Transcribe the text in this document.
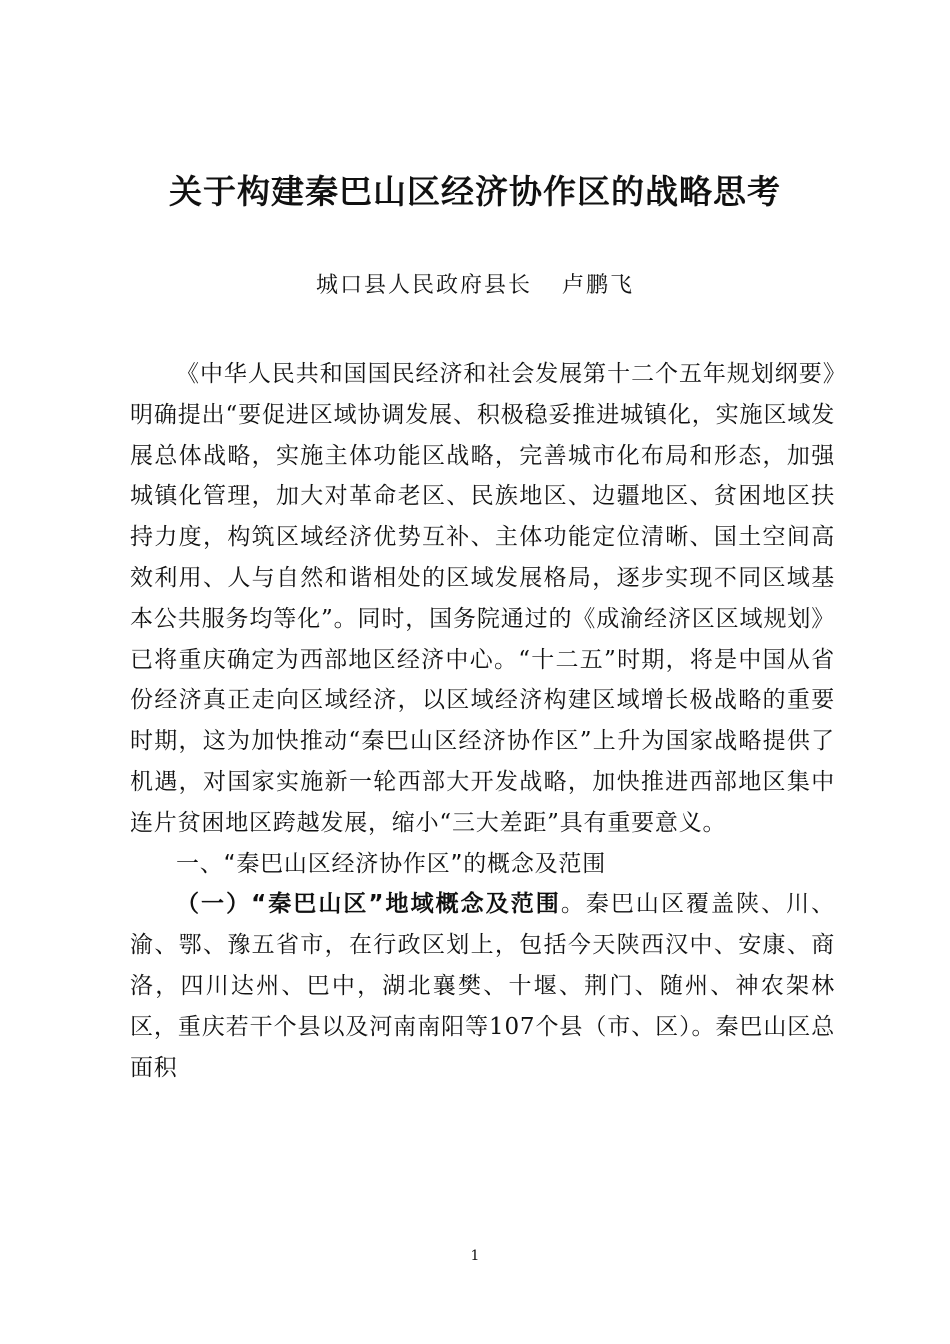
关于构建秦巴山区经济协作区的战略思考
城口县人民政府县长 卢鹏飞

《中华人民共和国国民经济和社会发展第十二个五年规划纲要》明确提出“要促进区域协调发展、积极稳妥推进城镇化，实施区域发展总体战略，实施主体功能区战略，完善城市化布局和形态，加强城镇化管理，加大对革命老区、民族地区、边疆地区、贫困地区扶持力度，构筑区域经济优势互补、主体功能定位清晰、国土空间高效利用、人与自然和谐相处的区域发展格局，逐步实现不同区域基本公共服务均等化”。同时，国务院通过的《成渝经济区区域规划》已将重庆确定为西部地区经济中心。“十二五”时期，将是中国从省份经济真正走向区域经济，以区域经济构建区域增长极战略的重要时期，这为加快推动“秦巴山区经济协作区”上升为国家战略提供了机遇，对国家实施新一轮西部大开发战略，加快推进西部地区集中连片贫困地区跨越发展，缩小“三大差距”具有重要意义。

一、“秦巴山区经济协作区”的概念及范围

（一）“秦巴山区”地域概念及范围。秦巴山区覆盖陕、川、渝、鄂、豫五省市，在行政区划上，包括今天陕西汉中、安康、商洛，四川达州、巴中，湖北襄樊、十堰、荆门、随州、神农架林区，重庆若干个县以及河南南阳等107个县（市、区）。秦巴山区总面积

1
